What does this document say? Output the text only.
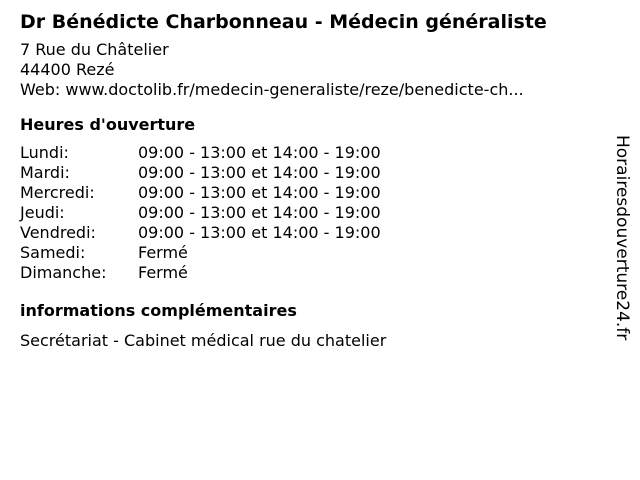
Dr Bénédicte Charbonneau - Médecin généraliste
7 Rue du Châtelier
44400 Rezé
Web: www.doctolib.fr/medecin-generaliste/reze/benedicte-ch...
Heures d'ouverture
Lundi:	09:00 - 13:00 et 14:00 - 19:00
Mardi:	09:00 - 13:00 et 14:00 - 19:00
Mercredi:	09:00 - 13:00 et 14:00 - 19:00
Jeudi:	09:00 - 13:00 et 14:00 - 19:00
Vendredi:	09:00 - 13:00 et 14:00 - 19:00
Samedi:	Fermé
Dimanche:	Fermé
informations complémentaires
Secrétariat - Cabinet médical rue du chatelier
Horairesdouverture24.fr
